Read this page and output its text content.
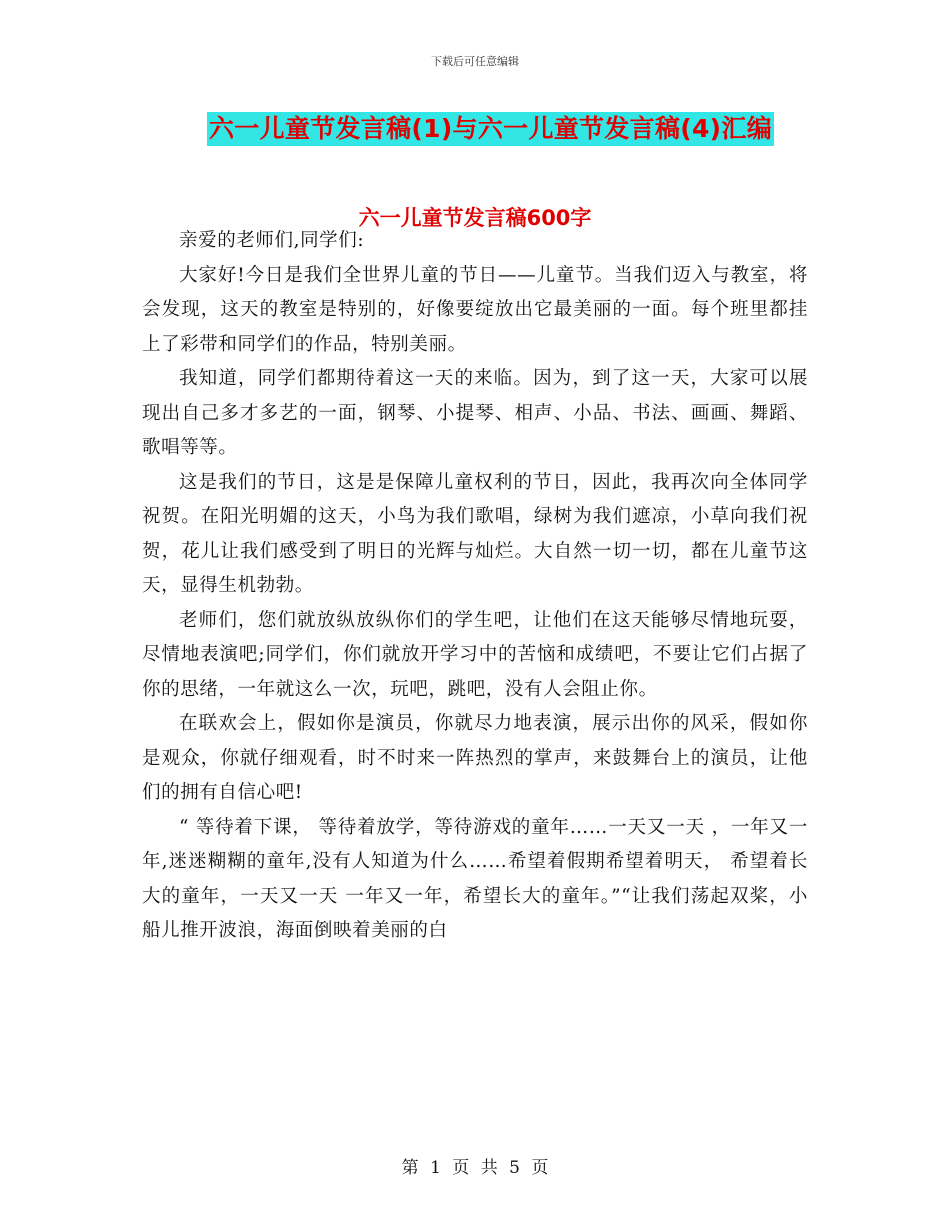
下载后可任意编辑
六一儿童节发言稿(1)与六一儿童节发言稿(4)汇编
六一儿童节发言稿600字

亲爱的老师们,同学们:

大家好!今日是我们全世界儿童的节日——儿童节。当我们迈入与教室，将会发现，这天的教室是特别的，好像要绽放出它最美丽的一面。每个班里都挂上了彩带和同学们的作品，特别美丽。

我知道，同学们都期待着这一天的来临。因为，到了这一天，大家可以展现出自己多才多艺的一面，钢琴、小提琴、相声、小品、书法、画画、舞蹈、歌唱等等。

这是我们的节日，这是是保障儿童权利的节日，因此，我再次向全体同学祝贺。在阳光明媚的这天，小鸟为我们歌唱，绿树为我们遮凉，小草向我们祝贺，花儿让我们感受到了明日的光辉与灿烂。大自然一切一切，都在儿童节这天，显得生机勃勃。

老师们，您们就放纵放纵你们的学生吧，让他们在这天能够尽情地玩耍，尽情地表演吧;同学们，你们就放开学习中的苦恼和成绩吧，不要让它们占据了你的思绪，一年就这么一次，玩吧，跳吧，没有人会阻止你。

在联欢会上，假如你是演员，你就尽力地表演，展示出你的风采，假如你是观众，你就仔细观看，时不时来一阵热烈的掌声，来鼓舞台上的演员，让他们的拥有自信心吧!

“ 等待着下课， 等待着放学，等待游戏的童年……一天又一天 ，一年又一年,迷迷糊糊的童年,没有人知道为什么……希望着假期希望着明天， 希望着长大的童年，一天又一天 一年又一年，希望长大的童年。”“让我们荡起双桨，小船儿推开波浪，海面倒映着美丽的白

第 1 页 共 5 页
